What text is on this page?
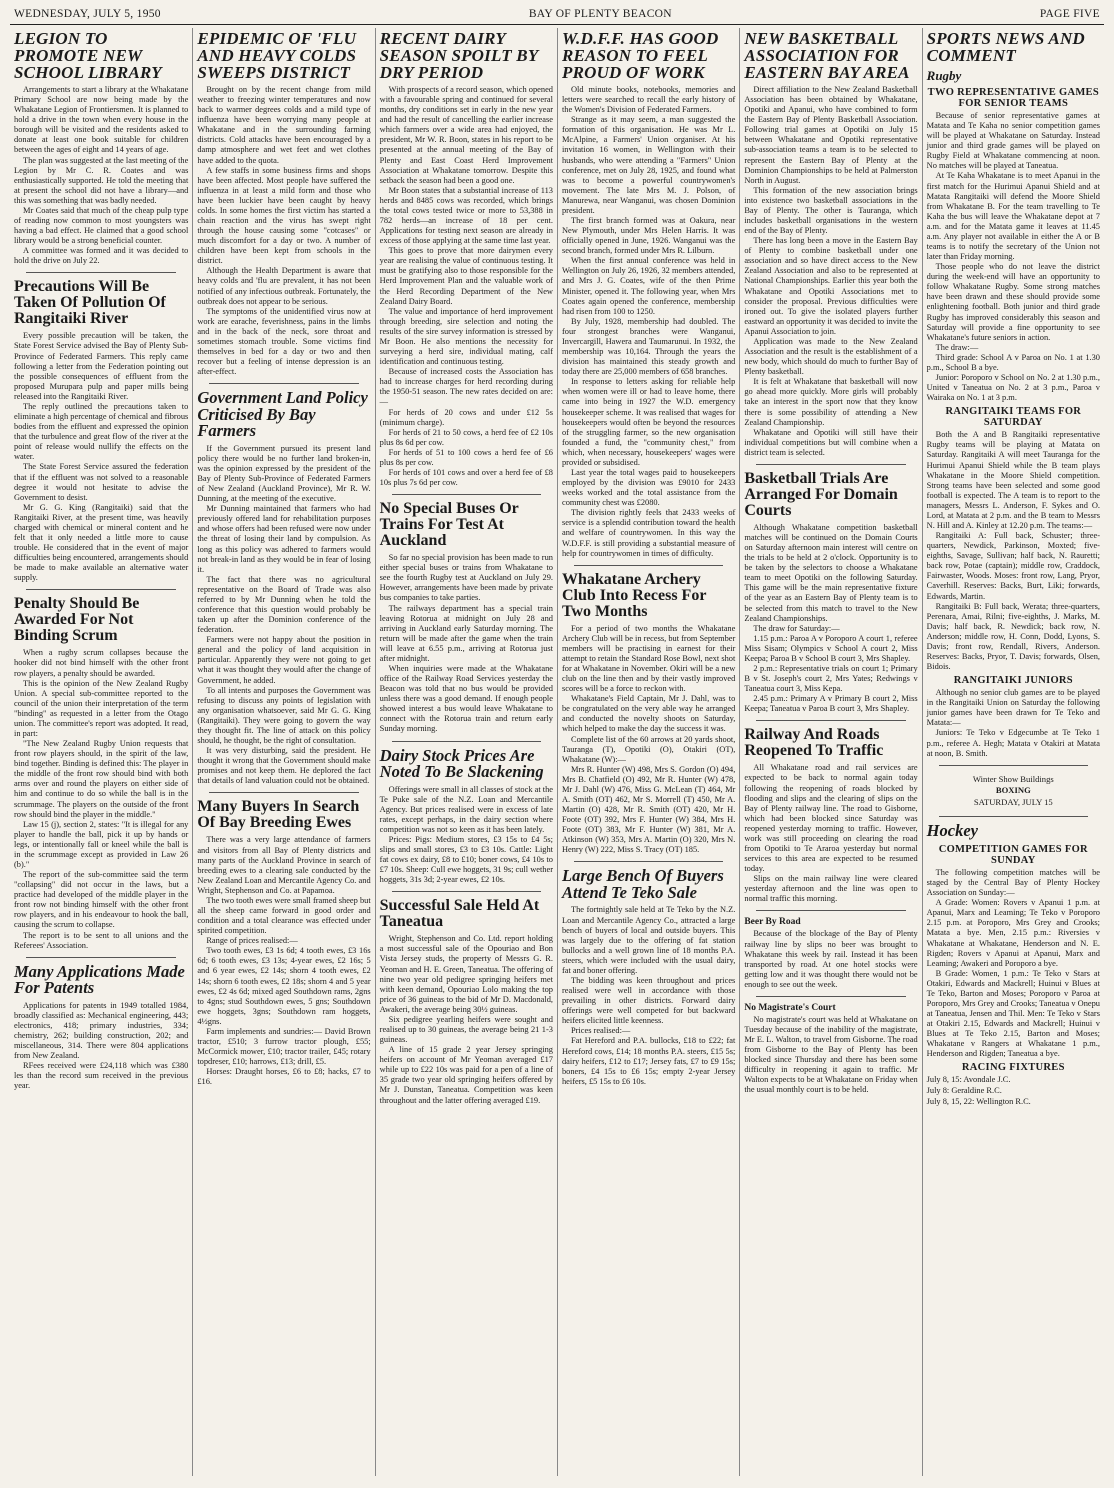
WEDNESDAY, JULY 5, 1950	BAY OF PLENTY BEACON	PAGE FIVE
LEGION TO PROMOTE NEW SCHOOL LIBRARY

Arrangements to start a library at the Whakatane Primary School are now being made by the Whakatane Legion of Frontiersmen. It is planned to hold a drive in the town when every house in the borough will be visited and the residents asked to donate at least one book suitable for children between the ages of eight and 14 years of age.

The plan was suggested at the last meeting of the Legion by Mr C. R. Coates and was enthusiastically supported. He told the meeting that at present the school did not have a library—and this was something that was badly needed.

Mr Coates said that much of the cheap pulp type of reading now common to most youngsters was having a bad effect. He claimed that a good school library would be a strong beneficial counter.

A committee was formed and it was decided to hold the drive on July 22.

Precautions Will Be Taken Of Pollution Of Rangitaiki River

Every possible precaution will be taken, the State Forest Service advised the Bay of Plenty Sub-Province of Federated Farmers. This reply came following a letter from the Federation pointing out the possible consequences of effluent from the proposed Murupara pulp and paper mills being released into the Rangitaiki River.

The reply outlined the precautions taken to eliminate a high percentage of chemical and fibrous bodies from the effluent and expressed the opinion that the turbulence and great flow of the river at the point of release would nullify the effects on the water.

The State Forest Service assured the federation that if the effluent was not solved to a reasonable degree it would not hesitate to advise the Government to desist.

Mr G. G. King (Rangitaiki) said that the Rangitaiki River, at the present time, was heavily charged with chemical or mineral content and he felt that it only needed a little more to cause trouble. He considered that in the event of major difficulties being encountered, arrangements should be made to make available an alternative water supply.

Penalty Should Be Awarded For Not Binding Scrum

When a rugby scrum collapses because the hooker did not bind himself with the other front row players, a penalty should be awarded.

This is the opinion of the New Zealand Rugby Union. A special sub-committee reported to the council of the union their interpretation of the term "binding" as requested in a letter from the Otago union. The committee's report was adopted. It read, in part:

"The New Zealand Rugby Union requests that front row players should, in the spirit of the law, bind together. Binding is defined this: The player in the middle of the front row should bind with both arms over and round the players on either side of him and continue to do so while the ball is in the scrummage. The players on the outside of the front row should bind the player in the middle."

Law 15 (j), section 2, states: "It is illegal for any player to handle the ball, pick it up by hands or legs, or intentionally fall or kneel while the ball is in the scrummage except as provided in Law 26 (b)."

The report of the sub-committee said the term "collapsing" did not occur in the laws, but a practice had developed of the middle player in the front row not binding himself with the other front row players, and in his endeavour to hook the ball, causing the scrum to collapse.

The report is to be sent to all unions and the Referees' Association.

Many Applications Made For Patents

Applications for patents in 1949 totalled 1984, broadly classified as: Mechanical engineering, 443; electronics, 418; primary industries, 334; chemistry, 262; building construction, 202; and miscellaneous, 314. There were 804 applications from New Zealand.

RFees received were £24,118 which was £380 les than the record sum received in the previous year.

EPIDEMIC OF 'FLU AND HEAVY COLDS SWEEPS DISTRICT

Brought on by the recent change from mild weather to freezing winter temperatures and now back to warmer degrees colds and a mild type of influenza have been worrying many people at Whakatane and in the surrounding farming districts. Cold attacks have been encouraged by a damp atmosphere and wet feet and wet clothes have added to the quota.

A few staffs in some business firms and shops have been affected. Most people have suffered the influenza in at least a mild form and those who have been luckier have been caught by heavy colds. In some homes the first victim has started a chain reaction and the virus has swept right through the house causing some "cotcases" or much discomfort for a day or two. A number of children have been kept from schools in the district.

Although the Health Department is aware that heavy colds and 'flu are prevalent, it has not been notified of any infectious outbreak. Fortunately, the outbreak does not appear to be serious.

The symptoms of the unidentified virus now at work are earache, feverishness, pains in the limbs and in the back of the neck, sore throat and sometimes stomach trouble. Some victims find themselves in bed for a day or two and then recover but a feeling of intense depression is an after-effect.

Government Land Policy Criticised By Bay Farmers

If the Government pursued its present land policy there would be no further land broken-in, was the opinion expressed by the president of the Bay of Plenty Sub-Province of Federated Farmers of New Zealand (Auckland Province), Mr R. W. Dunning, at the meeting of the executive.

Mr Dunning maintained that farmers who had previously offered land for rehabilitation purposes and whose offers had been refused were now under the threat of losing their land by compulsion. As long as this policy was adhered to farmers would not break-in land as they would be in fear of losing it.

The fact that there was no agricultural representative on the Board of Trade was also referred to by Mr Dunning when he told the conference that this question would probably be taken up after the Dominion conference of the federation.

Farmers were not happy about the position in general and the policy of land acquisition in particular. Apparently they were not going to get what it was thought they would after the change of Government, he added.

To all intents and purposes the Government was refusing to discuss any points of legislation with any organisation whatsoever, said Mr G. G. King (Rangitaiki). They were going to govern the way they thought fit. The line of attack on this policy should, he thought, be the right of consultation.

It was very disturbing, said the president. He thought it wrong that the Government should make promises and not keep them. He deplored the fact that details of land valuation could not be obtained.

Many Buyers In Search Of Bay Breeding Ewes

There was a very large attendance of farmers and visitors from all Bay of Plenty districts and many parts of the Auckland Province in search of breeding ewes to a clearing sale conducted by the New Zealand Loan and Mercantile Agency Co. and Wright, Stephenson and Co. at Papamoa.

The two tooth ewes were small framed sheep but all the sheep came forward in good order and condition and a total clearance was effected under spirited competition.

Range of prices realised:—

Two tooth ewes, £3 1s 6d; 4 tooth ewes, £3 16s 6d; 6 tooth ewes, £3 13s; 4-year ewes, £2 16s; 5 and 6 year ewes, £2 14s; shorn 4 tooth ewes, £2 14s; shorn 6 tooth ewes, £2 18s; shorn 4 and 5 year ewes, £2 4s 6d; mixed aged Southdown rams, 2gns to 4gns; stud Southdown ewes, 5 gns; Southdown ewe hoggets, 3gns; Southdown ram hoggets, 4½gns.

Farm implements and sundries:— David Brown tractor, £510; 3 furrow tractor plough, £55; McCormick mower, £10; tractor trailer, £45; rotary topdreser, £10; harrows, £13; drill, £5.

Horses: Draught horses, £6 to £8; hacks, £7 to £16.

RECENT DAIRY SEASON SPOILT BY DRY PERIOD

With prospects of a record season, which opened with a favourable spring and continued for several months, dry conditions set in early in the new year and had the result of cancelling the earlier increase which farmers over a wide area had enjoyed, the president, Mr W. R. Boon, states in his report to be presented at the annual meeting of the Bay of Plenty and East Coast Herd Improvement Association at Whakatane tomorrow. Despite this setback the season had been a good one.

Mr Boon states that a substantial increase of 113 herds and 8485 cows was recorded, which brings the total cows tested twice or more to 53,388 in 782 herds—an increase of 18 per cent. Applications for testing next season are already in excess of those applying at the same time last year.

This goes to prove that more dairymen every year are realising the value of continuous testing. It must be gratifying also to those responsible for the Herd Improvement Plan and the valuable work of the Herd Recording Department of the New Zealand Dairy Board.

The value and importance of herd improvement through breeding, sire selection and noting the results of the sire survey information is stressed by Mr Boon. He also mentions the necessity for surveying a herd sire, individual mating, calf identification and continuous testing.

Because of increased costs the Association has had to increase charges for herd recording during the 1950-51 season. The new rates decided on are:—

For herds of 20 cows and under £12 5s (minimum charge).

For herds of 21 to 50 cows, a herd fee of £2 10s plus 8s 6d per cow.

For herds of 51 to 100 cows a herd fee of £6 plus 8s per cow.

For herds of 101 cows and over a herd fee of £8 10s plus 7s 6d per cow.

No Special Buses Or Trains For Test At Auckland

So far no special provision has been made to run either special buses or trains from Whakatane to see the fourth Rugby test at Auckland on July 29. However, arrangements have been made by private bus companies to take parties.

The railways department has a special train leaving Rotorua at midnight on July 28 and arriving in Auckland early Saturday morning. The return will be made after the game when the train will leave at 6.55 p.m., arriving at Rotorua just after midnight.

When inquiries were made at the Whakatane office of the Railway Road Services yesterday the Beacon was told that no bus would be provided unless there was a good demand. If enough people showed interest a bus would leave Whakatane to connect with the Rotorua train and return early Sunday morning.

Dairy Stock Prices Are Noted To Be Slackening

Offerings were small in all classes of stock at the Te Puke sale of the N.Z. Loan and Mercantile Agency. But prices realised were in excess of late rates, except perhaps, in the dairy section where competition was not so keen as it has been lately.

Prices: Pigs: Medium stores, £3 15s to £4 5s; slips and small stores, £3 to £3 10s. Cattle: Light fat cows ex dairy, £8 to £10; boner cows, £4 10s to £7 10s. Sheep: Cull ewe hoggets, 31 9s; cull wether hoggets, 31s 3d; 2-year ewes, £2 10s.

Successful Sale Held At Taneatua

Wright, Stephenson and Co. Ltd. report holding a most successful sale of the Opouriao and Bon Vista Jersey studs, the property of Messrs G. R. Yeoman and H. E. Green, Taneatua. The offering of nine two year old pedigree springing heifers met with keen demand, Opouriao Lolo making the top price of 36 guineas to the bid of Mr D. Macdonald, Awakeri, the average being 30½ guineas.

Six pedigree yearling heifers were sought and realised up to 30 guineas, the average being 21 1-3 guineas.

A line of 15 grade 2 year Jersey springing heifers on account of Mr Yeoman averaged £17 while up to £22 10s was paid for a pen of a line of 35 grade two year old springing heifers offered by Mr J. Dunstan, Taneatua. Competition was keen throughout and the latter offering averaged £19.

W.D.F.F. HAS GOOD REASON TO FEEL PROUD OF WORK

Old minute books, notebooks, memories and letters were searched to recall the early history of the Women's Division of Federated Farmers.

Strange as it may seem, a man suggested the formation of this organisation. He was Mr L. McAlpine, a Farmers' Union organiser. At his invitation 16 women, in Wellington with their husbands, who were attending a "Farmers" Union conference, met on July 28, 1925, and found what was to become a powerful countrywomen's movement. The late Mrs M. J. Polson, of Manurewa, near Wanganui, was chosen Dominion president.

The first branch formed was at Oakura, near New Plymouth, under Mrs Helen Harris. It was officially opened in June, 1926. Wanganui was the second branch, formed under Mrs R. Lilburn.

When the first annual conference was held in Wellington on July 26, 1926, 32 members attended, and Mrs J. G. Coates, wife of the then Prime Minister, opened it. The following year, when Mrs Coates again opened the conference, membership had risen from 100 to 1250.

By July, 1928, membership had doubled. The four strongest branches were Wanganui, Invercargill, Hawera and Taumarunui. In 1932, the membership was 10,164. Through the years the division has maintained this steady growth and today there are 25,000 members of 658 branches.

In response to letters asking for reliable help when women were ill or had to leave home, there came into being in 1927 the W.D. emergency housekeeper scheme. It was realised that wages for housekeepers would often be beyond the resources of the struggling farmer, so the new organisation founded a fund, the "community chest," from which, when necessary, housekeepers' wages were provided or subsidised.

Last year the total wages paid to housekeepers employed by the division was £9010 for 2433 weeks worked and the total assistance from the community chest was £2080.

The division rightly feels that 2433 weeks of service is a splendid contribution toward the health and welfare of countrywomen. In this way the W.D.F.F. is still providing a substantial measure of help for countrywomen in times of difficulty.

Whakatane Archery Club Into Recess For Two Months

For a period of two months the Whakatane Archery Club will be in recess, but from September members will be practising in earnest for their attempt to retain the Standard Rose Bowl, next shot for at Whakatane in November. Okiri will be a new club on the line then and by their vastly improved scores will be a force to reckon with.

Whakatane's Field Captain, Mr J. Dahl, was to be congratulated on the very able way he arranged and conducted the novelty shoots on Saturday, which helped to make the day the success it was.

Complete list of the 60 arrows at 20 yards shoot, Tauranga (T), Opotiki (O), Otakiri (OT), Whakatane (W):—

Mrs R. Hunter (W) 498, Mrs S. Gordon (O) 494, Mrs B. Chatfield (O) 492, Mr R. Hunter (W) 478, Mr J. Dahl (W) 476, Miss G. McLean (T) 464, Mr A. Smith (OT) 462, Mr S. Morrell (T) 450, Mr A. Martin (O) 428, Mr R. Smith (OT) 420, Mr H. Foote (OT) 392, Mrs F. Hunter (W) 384, Mrs H. Foote (OT) 383, Mr F. Hunter (W) 381, Mr A. Atkinson (W) 353, Mrs A. Martin (O) 320, Mrs N. Henry (W) 222, Miss S. Tracy (OT) 185.

Large Bench Of Buyers Attend Te Teko Sale

The fortnightly sale held at Te Teko by the N.Z. Loan and Mercantile Agency Co., attracted a large bench of buyers of local and outside buyers. This was largely due to the offering of fat station bullocks and a well grown line of 18 months P.A. steers, which were included with the usual dairy, fat and boner offering.

The bidding was keen throughout and prices realised were well in accordance with those prevailing in other districts. Forward dairy offerings were well competed for but backward heifers elicited little keenness.

Prices realised:—

Fat Hereford and P.A. bullocks, £18 to £22; fat Hereford cows, £14; 18 months P.A. steers, £15 5s; dairy heifers, £12 to £17; Jersey fats, £7 to £9 15s; boners, £4 15s to £6 15s; empty 2-year Jersey heifers, £5 15s to £6 10s.

NEW BASKETBALL ASSOCIATION FOR EASTERN BAY AREA

Direct affiliation to the New Zealand Basketball Association has been obtained by Whakatane, Opotiki and Apanui, who have combined to form the Eastern Bay of Plenty Basketball Association. Following trial games at Opotiki on July 15 between Whakatane and Opotiki representative sub-association teams a team is to be selected to represent the Eastern Bay of Plenty at the Dominion Championships to be held at Palmerston North in August.

This formation of the new association brings into existence two basketball associations in the Bay of Plenty. The other is Tauranga, which includes basketball organisations in the western end of the Bay of Plenty.

There has long been a move in the Eastern Bay of Plenty to combine basketball under one association and so have direct access to the New Zealand Association and also to be represented at National Championships. Earlier this year both the Whakatane and Opotiki Associations met to consider the proposal. Previous difficulties were ironed out. To give the isolated players further eastward an opportunity it was decided to invite the Apanui Association to join.

Application was made to the New Zealand Association and the result is the establishment of a new body, which should do much to further Bay of Plenty basketball.

It is felt at Whakatane that basketball will now go ahead more quickly. More girls will probably take an interest in the sport now that they know there is some possibility of attending a New Zealand Championship.

Whakatane and Opotiki will still have their individual competitions but will combine when a district team is selected.

Basketball Trials Are Arranged For Domain Courts

Although Whakatane competition basketball matches will be continued on the Domain Courts on Saturday afternoon main interest will centre on the trials to be held at 2 o'clock. Opportunity is to be taken by the selectors to choose a Whakatane team to meet Opotiki on the following Saturday. This game will be the main representative fixture of the year as an Eastern Bay of Plenty team is to be selected from this match to travel to the New Zealand Championships.

The draw for Saturday:—

1.15 p.m.: Paroa A v Poroporo A court 1, referee Miss Sisam; Olympics v School A court 2, Miss Keepa; Paroa B v School B court 3, Mrs Shapley.

2 p.m.: Representative trials on court 1; Primary B v St. Joseph's court 2, Mrs Yates; Redwings v Taneatua court 3, Miss Kepa.

2.45 p.m.: Primary A v Primary B court 2, Miss Keepa; Taneatua v Paroa B court 3, Mrs Shapley.

Railway And Roads Reopened To Traffic

All Whakatane road and rail services are expected to be back to normal again today following the reopening of roads blocked by flooding and slips and the clearing of slips on the Bay of Plenty railway line. The road to Gisborne, which had been blocked since Saturday was reopened yesterday morning to traffic. However, work was still proceeding on clearing the road from Opotiki to Te Araroa yesterday but normal services to this area are expected to be resumed today.

Slips on the main railway line were cleared yesterday afternoon and the line was open to normal traffic this morning.

Beer By Road

Because of the blockage of the Bay of Plenty railway line by slips no beer was brought to Whakatane this week by rail. Instead it has been transported by road. At one hotel stocks were getting low and it was thought there would not be enough to see out the week.

No Magistrate's Court

No magistrate's court was held at Whakatane on Tuesday because of the inability of the magistrate, Mr E. L. Walton, to travel from Gisborne. The road from Gisborne to the Bay of Plenty has been blocked since Thursday and there has been some difficulty in reopening it again to traffic. Mr Walton expects to be at Whakatane on Friday when the usual monthly court is to be held.

SPORTS NEWS AND COMMENT
Rugby
TWO REPRESENTATIVE GAMES FOR SENIOR TEAMS

Because of senior representative games at Matata and Te Kaha no senior competition games will be played at Whakatane on Saturday. Instead junior and third grade games will be played on Rugby Field at Whakatane commencing at noon. No matches will be played at Taneatua.

At Te Kaha Whakatane is to meet Apanui in the first match for the Hurimui Apanui Shield and at Matata Rangitaiki will defend the Moore Shield from Whakatane B. For the team travelling to Te Kaha the bus will leave the Whakatane depot at 7 a.m. and for the Matata game it leaves at 11.45 a.m. Any player not available in either the A or B teams is to notify the secretary of the Union not later than Friday morning.

Those people who do not leave the district during the week-end will have an opportunity to follow Whakatane Rugby. Some strong matches have been drawn and these should provide some enlightening football. Both junior and third grade Rugby has improved considerably this season and Saturday will provide a fine opportunity to see Whakatane's future seniors in action.

The draw:—

Third grade: School A v Paroa on No. 1 at 1.30 p.m., School B a bye.

Junior: Poroporo v School on No. 2 at 1.30 p.m., United v Taneatua on No. 2 at 3 p.m., Paroa v Wairaka on No. 1 at 3 p.m.

RANGITAIKI TEAMS FOR SATURDAY

Both the A and B Rangitaiki representative Rugby teams will be playing at Matata on Saturday. Rangitaiki A will meet Tauranga for the Hurimui Apanui Shield while the B team plays Whakatane in the Moore Shield competition. Strong teams have been selected and some good football is expected. The A team is to report to the managers, Messrs L. Anderson, F. Sykes and O. Lord, at Matata at 2 p.m. and the B team to Messrs N. Hill and A. Kinley at 12.20 p.m. The teams:—

Rangitaiki A: Full back, Schuster; three-quarters, Newdick, Parkinson, Moxted; five-eighths, Savage, Sullivan; half back, N. Rauretti; back row, Potae (captain); middle row, Craddock, Fairwaster, Woods. Moses: front row, Lang, Pryor, Caverhill. Reserves: Backs, Burt, Liki; forwards, Edwards, Martin.

Rangitaiki B: Full back, Werata; three-quarters, Perenara, Amai, Rilni; five-eighths, J. Marks, M. Davis; half back, R. Newdick; back row, N. Anderson; middle row, H. Conn, Dodd, Lyons, S. Davis; front row, Rendall, Rivers, Anderson. Reserves: Backs, Pryor, T. Davis; forwards, Olsen, Bidois.

RANGITAIKI JUNIORS

Although no senior club games are to be played in the Rangitaiki Union on Saturday the following junior games have been drawn for Te Teko and Matata:—

Juniors: Te Teko v Edgecumbe at Te Teko 1 p.m., referee A. Hegh; Matata v Otakiri at Matata at noon, B. Smith.

Winter Show Buildings
BOXING
SATURDAY, JULY 15
Hockey
COMPETITION GAMES FOR SUNDAY

The following competition matches will be staged by the Central Bay of Plenty Hockey Association on Sunday:—

A Grade: Women: Rovers v Apanui 1 p.m. at Apanui, Marx and Leaming; Te Teko v Poroporo 2.15 p.m. at Poroporo, Mrs Grey and Crooks; Matata a bye. Men, 2.15 p.m.: Riversies v Whakatane at Whakatane, Henderson and N. E. Rigden; Rovers v Apanui at Apanui, Marx and Leaming; Awakeri and Poroporo a bye.

B Grade: Women, 1 p.m.: Te Teko v Stars at Otakiri, Edwards and Mackrell; Huinui v Blues at Te Teko, Barton and Moses; Poroporo v Paroa at Poroporo, Mrs Grey and Crooks; Taneatua v Onepu at Taneatua, Jensen and Thil. Men: Te Teko v Stars at Otakiri 2.15, Edwards and Mackrell; Huinui v Blues at Te Teko 2.15, Barton and Moses; Whakatane v Rangers at Whakatane 1 p.m., Henderson and Rigden; Taneatua a bye.

RACING FIXTURES
July 8, 15: Avondale J.C.
July 8: Geraldine R.C.
July 8, 15, 22: Wellington R.C.
